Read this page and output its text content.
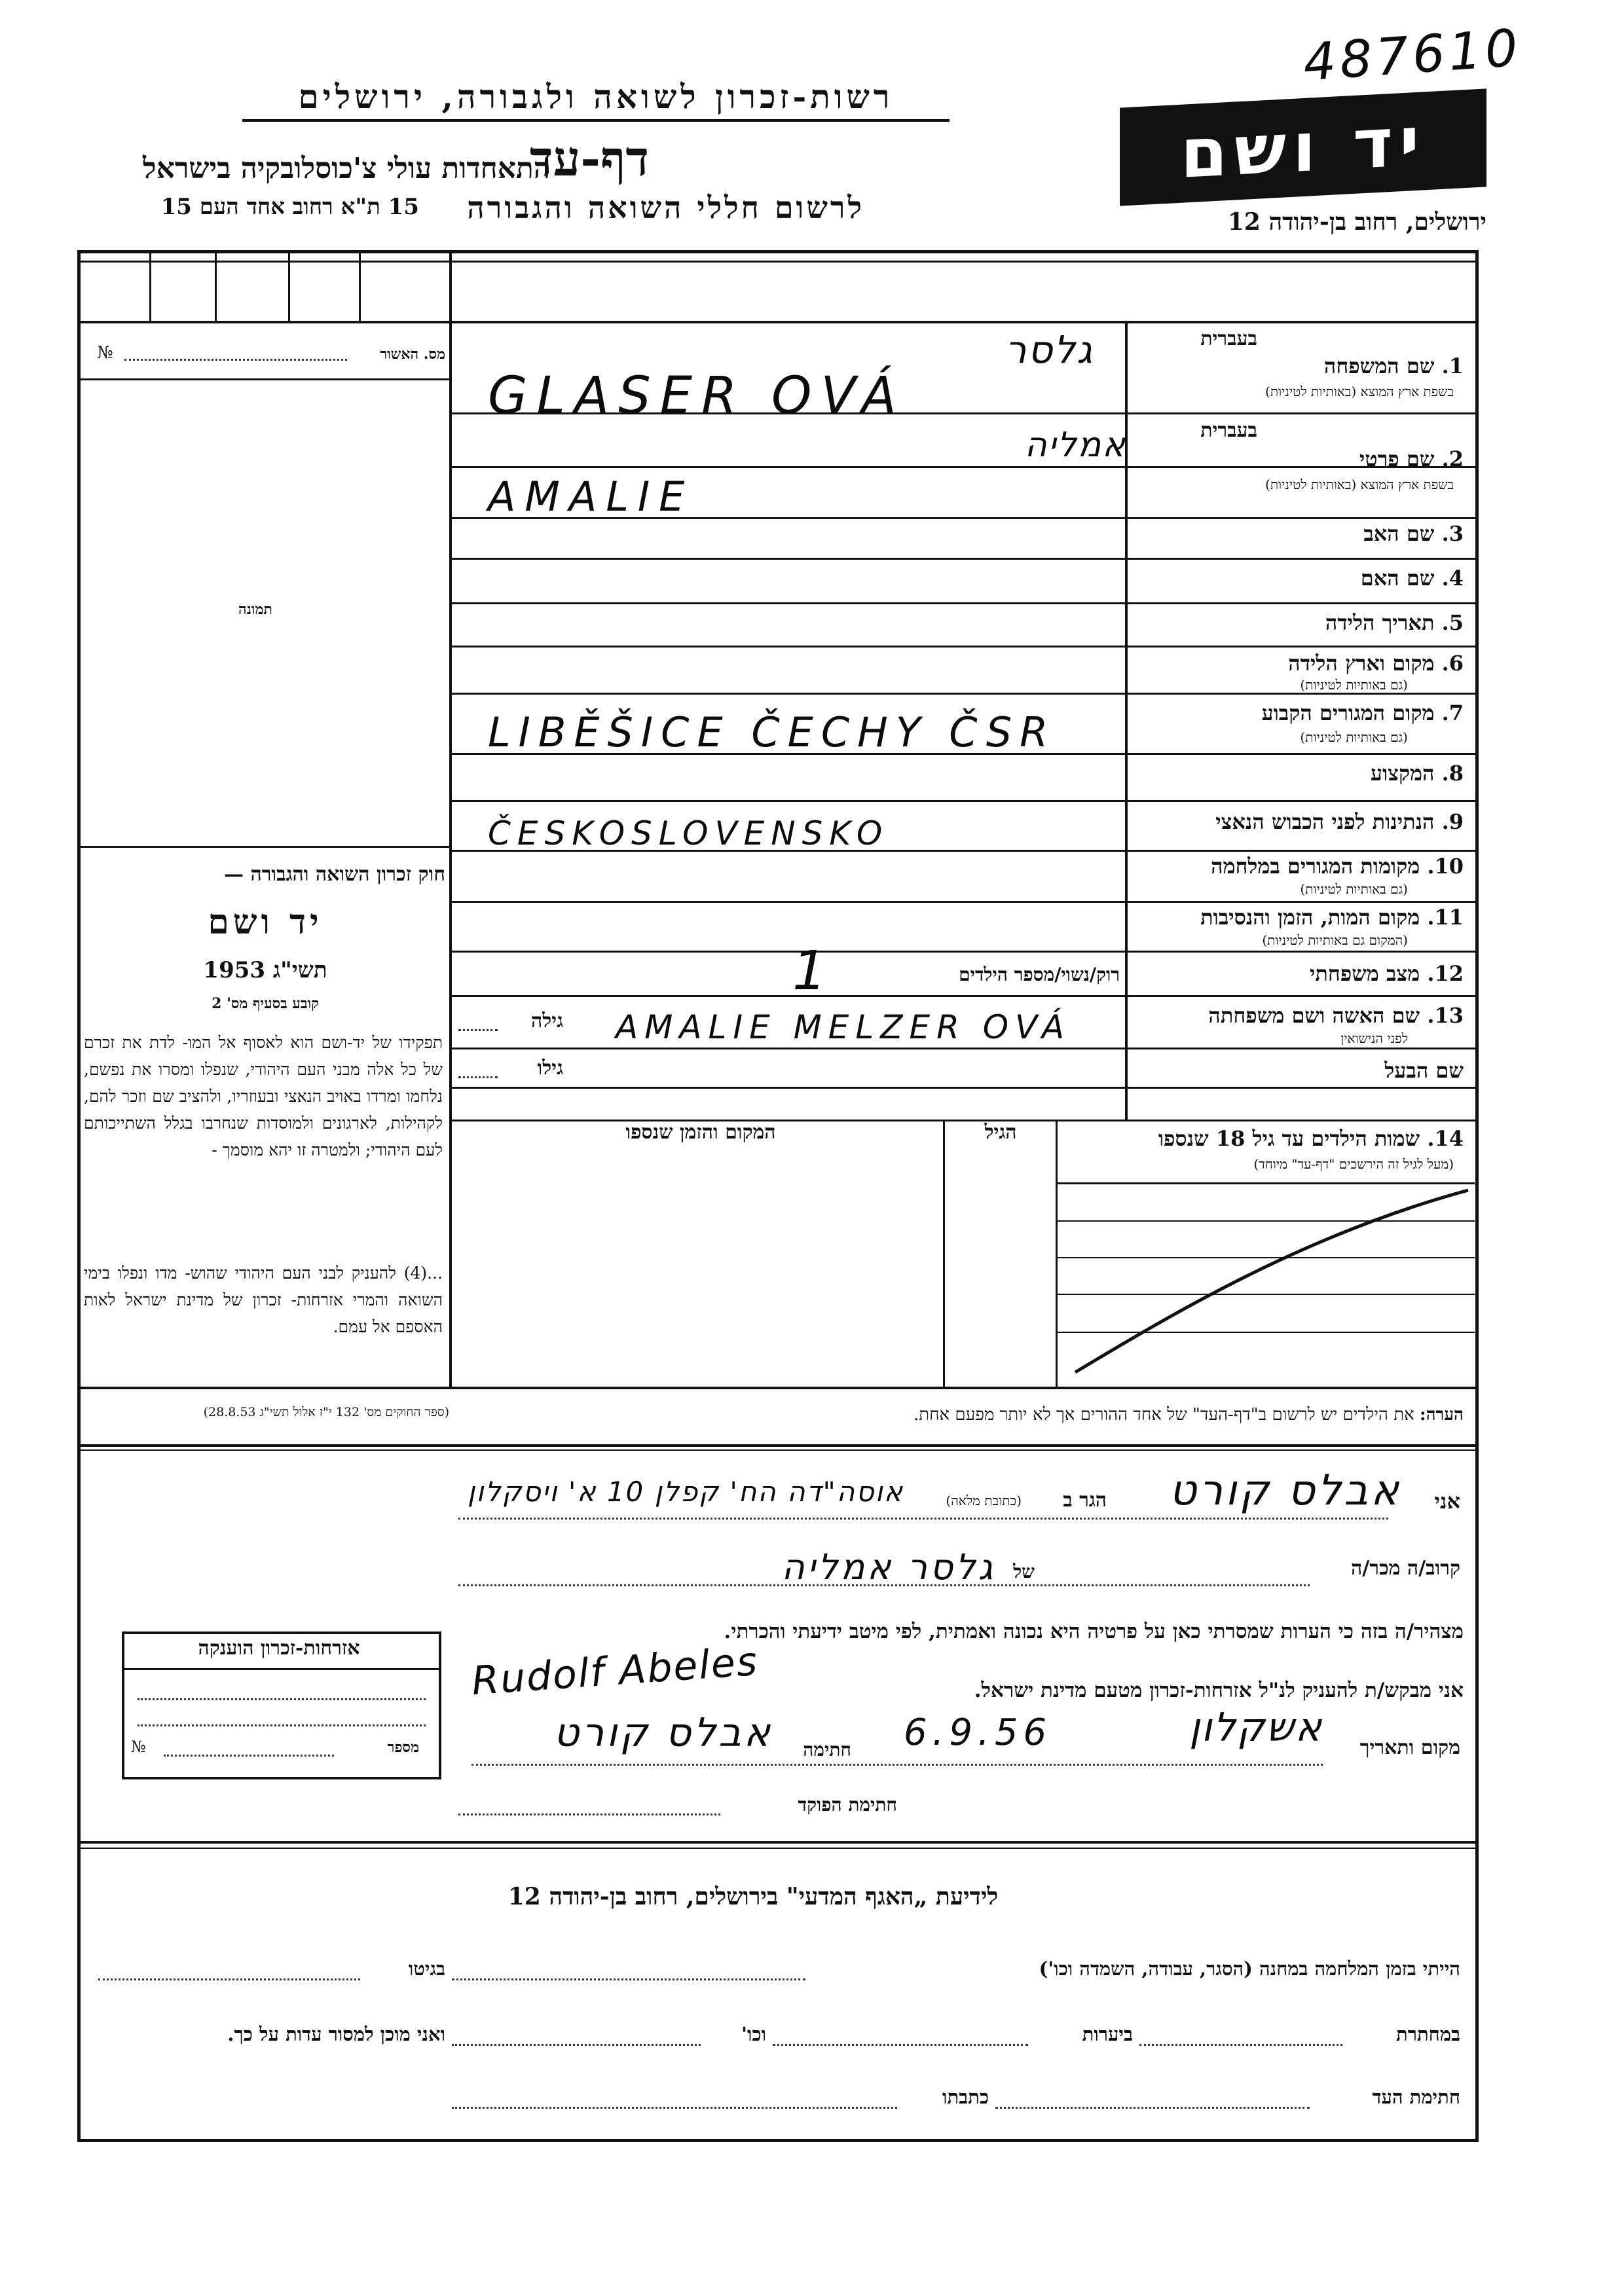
רשות-זכרון לשואה ולגבורה, ירושלים
דף-עד
התאחדות עולי צ'כוסלובקיה בישראל
15 ת"א רחוב אחד העם 15	לרשום חללי השואה והגבורה
487610
יד ושם
ירושלים, רחוב בן-יהודה 12
מס. האשור
№
תמונה
חוק זכרון השואה והגבורה —
יד ושם
תשי"ג 1953
קובע בסעיף מס' 2
תפקידו של יד-ושם הוא לאסוף אל המו- לדת את זכרם של כל אלה מבני העם היהודי, שנפלו ומסרו את נפשם, נלחמו ומרדו באויב הנאצי ובעוזריו, ולהציב שם וזכר להם, לקהילות, לארגונים ולמוסדות שנחרבו בגלל השתייכותם לעם היהודי; ולמטרה זו יהא מוסמך -
...(4) להעניק לבני העם היהודי שהוש- מדו ונפלו בימי השואה והמרי אזרחות- זכרון של מדינת ישראל לאות האספם אל עמם.
(ספר החוקים מס' 132 י"ז אלול תשי"ג 28.8.53)
בעברית
1. שם המשפחה
בשפת ארץ המוצא (באותיות לטיניות)
גלסר
GLASER OVÁ
בעברית
2. שם פרטי
בשפת ארץ המוצא (באותיות לטיניות)
אמליה
AMALIE
3. שם האב
4. שם האם
5. תאריך הלידה
6. מקום וארץ הלידה
(גם באותיות לטיניות)
7. מקום המגורים הקבוע
(גם באותיות לטיניות)
LIBĚŠICE ČECHY ČSR
8. המקצוע
9. הנתינות לפני הכבוש הנאצי
ČESKOSLOVENSKO
10. מקומות המגורים במלחמה
(גם באותיות לטיניות)
11. מקום המות, הזמן והנסיבות
(המקום גם באותיות לטיניות)
12. מצב משפחתי
רוק/נשוי/מספר הילדים
1
13. שם האשה ושם משפחתה
לפני הנישואין
גילה AMALIE MELZER OVÁ
שם הבעל
גילו
14. שמות הילדים עד גיל 18 שנספו
(מעל לגיל זה הירשכים "דף-עד" מיוחד)
הגיל
המקום והזמן שנספו
הערה: את הילדים יש לרשום ב"דף-העד" של אחד ההורים אך לא יותר מפעם אחת.
אני
אבלס קורט
הגר ב
(כתובת מלאה)
אוסה"דה הח' קפלן 10 א' ויסקלון
קרוב/ה מכר/ה
של
גלסר אמליה
מצהיר/ה בזה כי הערות שמסרתי כאן על פרטיה היא נכונה ואמתית, לפי מיטב ידיעתי והכרתי.
Rudolf Abeles	אני מבקש/ת להעניק לנ"ל אזרחות-זכרון מטעם מדינת ישראל.
מקום ותאריך
אשקלון
6.9.56
חתימה
אבלס קורט
חתימת הפוקד
אזרחות-זכרון הוענקה
מספר
№
לידיעת „האגף המדעי" בירושלים, רחוב בן-יהודה 12
הייתי בזמן המלחמה במחנה (הסגר, עבודה, השמדה וכו')
בגיטו
במחתרת
ביערות
וכו'
ואני מוכן למסור עדות על כך.
חתימת העד
כתבתו
